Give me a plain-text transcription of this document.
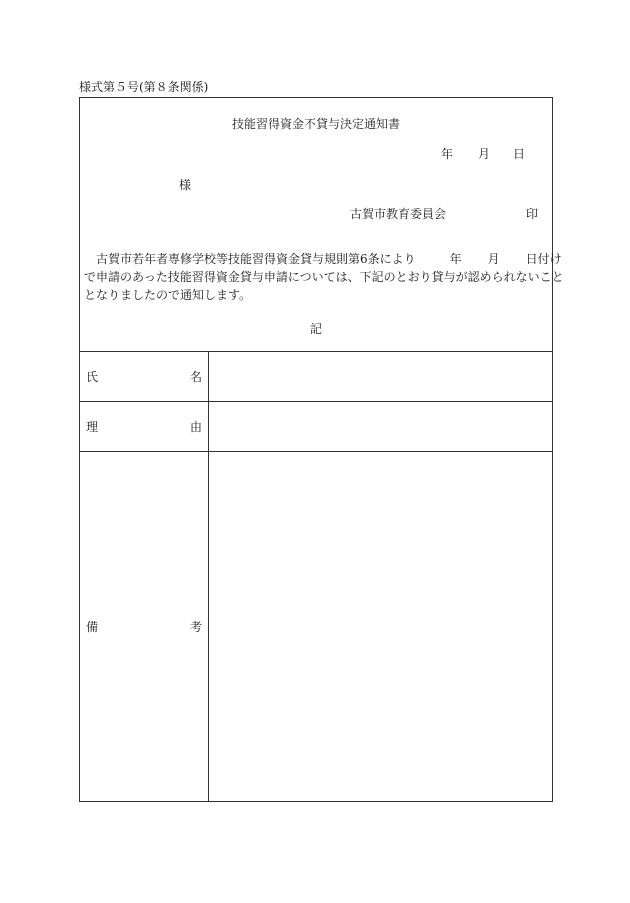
様式第５号(第８条関係)
技能習得資金不貸与決定通知書
年 月 日
様
古賀市教育委員会	印
古賀市若年者専修学校等技能習得資金貸与規則第6条により	年 月 日付け
で申請のあった技能習得資金貸与申請については、下記のとおり貸与が認められないこと
となりましたので通知します。
記
氏	名
理	由
備	考
